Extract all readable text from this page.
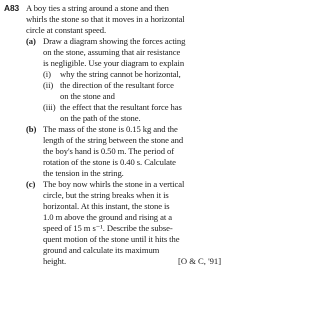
A83 A boy ties a string around a stone and then
whirls the stone so that it moves in a horizontal
circle at constant speed.
(a) Draw a diagram showing the forces acting
on the stone, assuming that air resistance
is negligible. Use your diagram to explain
(i) why the string cannot be horizontal,
(ii) the direction of the resultant force
on the stone and
(iii) the effect that the resultant force has
on the path of the stone.
(b) The mass of the stone is 0.15 kg and the
length of the string between the stone and
the boy's hand is 0.50 m. The period of
rotation of the stone is 0.40 s. Calculate
the tension in the string.
(c) The boy now whirls the stone in a vertical
circle, but the string breaks when it is
horizontal. At this instant, the stone is
1.0 m above the ground and rising at a
speed of 15 m s⁻¹. Describe the subse-
quent motion of the stone until it hits the
ground and calculate its maximum
height.	[O & C, '91]
